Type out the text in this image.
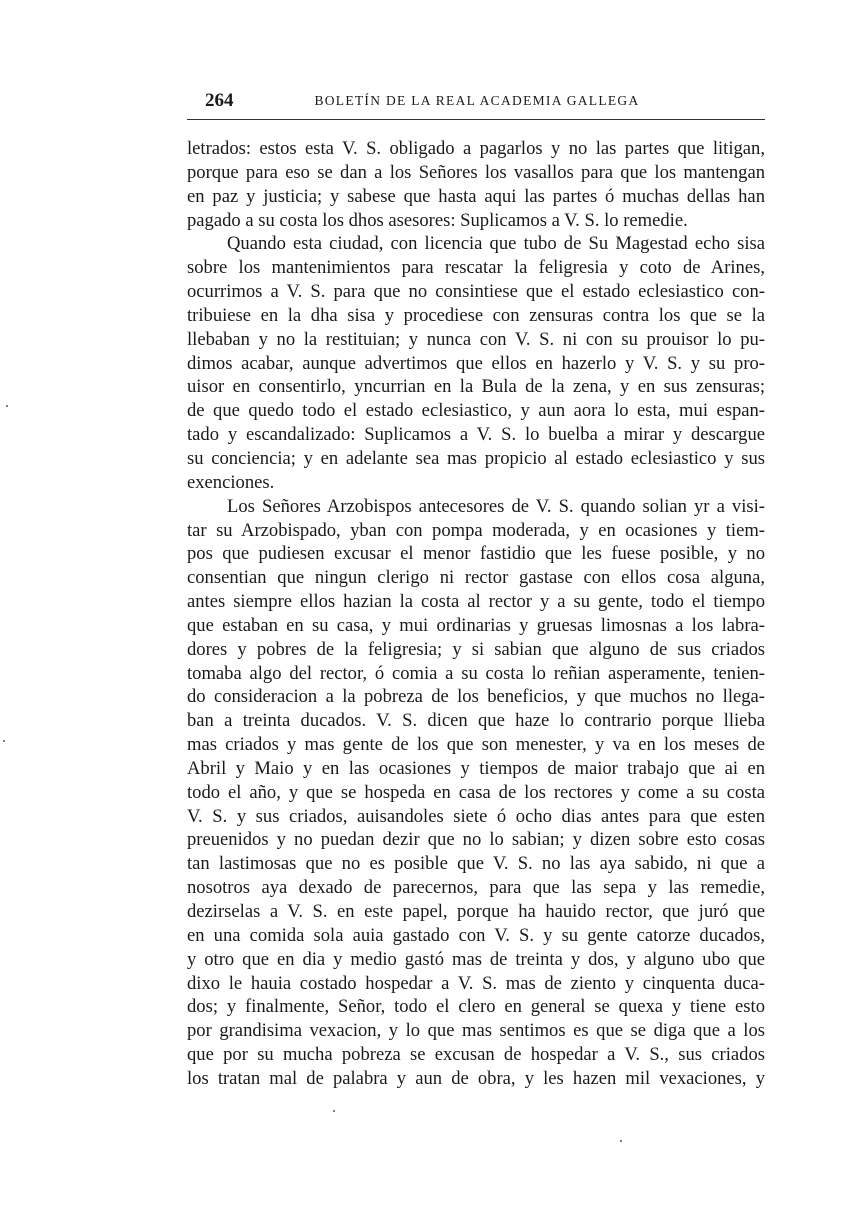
264	BOLETÍN DE LA REAL ACADEMIA GALLEGA
letrados: estos esta V. S. obligado a pagarlos y no las partes que litigan,
porque para eso se dan a los Señores los vasallos para que los mantengan
en paz y justicia; y sabese que hasta aqui las partes ó muchas dellas han
pagado a su costa los dhos asesores: Suplicamos a V. S. lo remedie.
Quando esta ciudad, con licencia que tubo de Su Magestad echo sisa
sobre los mantenimientos para rescatar la feligresia y coto de Arines,
ocurrimos a V. S. para que no consintiese que el estado eclesiastico con-
tribuiese en la dha sisa y procediese con zensuras contra los que se la
llebaban y no la restituian; y nunca con V. S. ni con su prouisor lo pu-
dimos acabar, aunque advertimos que ellos en hazerlo y V. S. y su pro-
uisor en consentirlo, yncurrian en la Bula de la zena, y en sus zensuras;
de que quedo todo el estado eclesiastico, y aun aora lo esta, mui espan-
tado y escandalizado: Suplicamos a V. S. lo buelba a mirar y descargue
su conciencia; y en adelante sea mas propicio al estado eclesiastico y sus
exenciones.
Los Señores Arzobispos antecesores de V. S. quando solian yr a visi-
tar su Arzobispado, yban con pompa moderada, y en ocasiones y tiem-
pos que pudiesen excusar el menor fastidio que les fuese posible, y no
consentian que ningun clerigo ni rector gastase con ellos cosa alguna,
antes siempre ellos hazian la costa al rector y a su gente, todo el tiempo
que estaban en su casa, y mui ordinarias y gruesas limosnas a los labra-
dores y pobres de la feligresia; y si sabian que alguno de sus criados
tomaba algo del rector, ó comia a su costa lo reñian asperamente, tenien-
do consideracion a la pobreza de los beneficios, y que muchos no llega-
ban a treinta ducados. V. S. dicen que haze lo contrario porque llieba
mas criados y mas gente de los que son menester, y va en los meses de
Abril y Maio y en las ocasiones y tiempos de maior trabajo que ai en
todo el año, y que se hospeda en casa de los rectores y come a su costa
V. S. y sus criados, auisandoles siete ó ocho dias antes para que esten
preuenidos y no puedan dezir que no lo sabian; y dizen sobre esto cosas
tan lastimosas que no es posible que V. S. no las aya sabido, ni que a
nosotros aya dexado de parecernos, para que las sepa y las remedie,
dezirselas a V. S. en este papel, porque ha hauido rector, que juró que
en una comida sola auia gastado con V. S. y su gente catorze ducados,
y otro que en dia y medio gastó mas de treinta y dos, y alguno ubo que
dixo le hauia costado hospedar a V. S. mas de ziento y cinquenta duca-
dos; y finalmente, Señor, todo el clero en general se quexa y tiene esto
por grandisima vexacion, y lo que mas sentimos es que se diga que a los
que por su mucha pobreza se excusan de hospedar a V. S., sus criados
los tratan mal de palabra y aun de obra, y les hazen mil vexaciones, y
